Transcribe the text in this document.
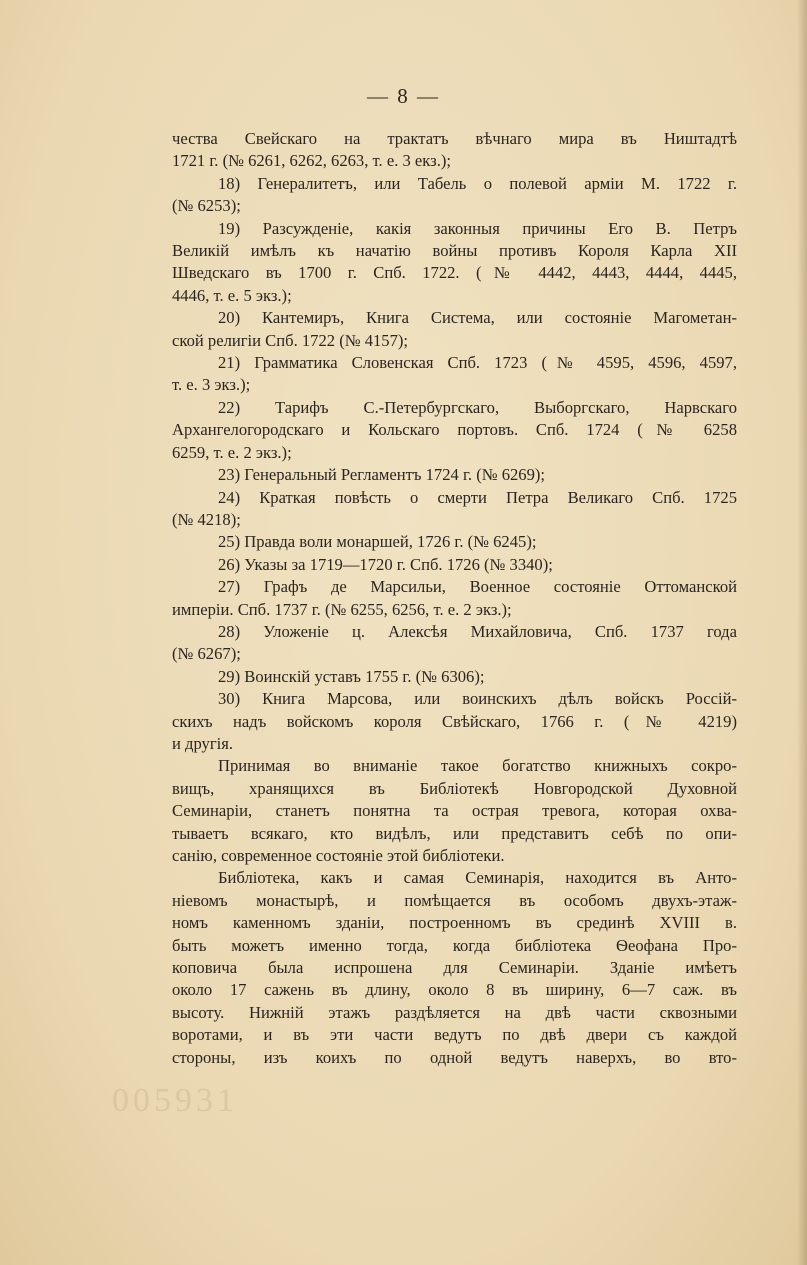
— 8 —

чества Свейскаго на трактатъ вѣчнаго мира въ Ништадтѣ

1721 г. (№ 6261, 6262, 6263, т. е. 3 екз.);

18) Генералитетъ, или Табель о полевой арміи М. 1722 г.

(№ 6253);

19) Разсужденіе, какія законныя причины Его В. Петръ

Великій имѣлъ къ начатію войны противъ Короля Карла XII

Шведскаго въ 1700 г. Спб. 1722. (№ 4442, 4443, 4444, 4445,

4446, т. е. 5 экз.);

20) Кантемиръ, Книга Система, или состояніе Магометан-

ской религіи Спб. 1722 (№ 4157);

21) Грамматика Словенская Спб. 1723 (№ 4595, 4596, 4597,

т. е. 3 экз.);

22) Тарифъ С.-Петербургскаго, Выборгскаго, Нарвскаго

Архангелогородскаго и Кольскаго портовъ. Спб. 1724 (№ 6258

6259, т. е. 2 экз.);

23) Генеральный Регламентъ 1724 г. (№ 6269);

24) Краткая повѣсть о смерти Петра Великаго Спб. 1725

(№ 4218);

25) Правда воли монаршей, 1726 г. (№ 6245);

26) Указы за 1719—1720 г. Спб. 1726 (№ 3340);

27) Графъ де Марсильи, Военное состояніе Оттоманской

имперіи. Спб. 1737 г. (№ 6255, 6256, т. е. 2 экз.);

28) Уложеніе ц. Алексѣя Михайловича, Спб. 1737 года

(№ 6267);

29) Воинскій уставъ 1755 г. (№ 6306);

30) Книга Марсова, или воинскихъ дѣлъ войскъ Россій-

скихъ надъ войскомъ короля Свѣйскаго, 1766 г. (№ 4219)

и другія.

Принимая во вниманіе такое богатство книжныхъ сокро-

вищъ, хранящихся въ Библіотекѣ Новгородской Духовной

Семинаріи, станетъ понятна та острая тревога, которая охва-

тываетъ всякаго, кто видѣлъ, или представитъ себѣ по опи-

санію, современное состояніе этой библіотеки.

Библіотека, какъ и самая Семинарія, находится въ Анто-

ніевомъ монастырѣ, и помѣщается въ особомъ двухъ-этаж-

номъ каменномъ зданіи, построенномъ въ срединѣ XVIII в.

быть можетъ именно тогда, когда библіотека Ѳеофана Про-

коповича была испрошена для Семинаріи. Зданіе имѣетъ

около 17 сажень въ длину, около 8 въ ширину, 6—7 саж. въ

высоту. Нижній этажъ раздѣляется на двѣ части сквозными

воротами, и въ эти части ведутъ по двѣ двери съ каждой

стороны, изъ коихъ по одной ведутъ наверхъ, во вто-

005931
